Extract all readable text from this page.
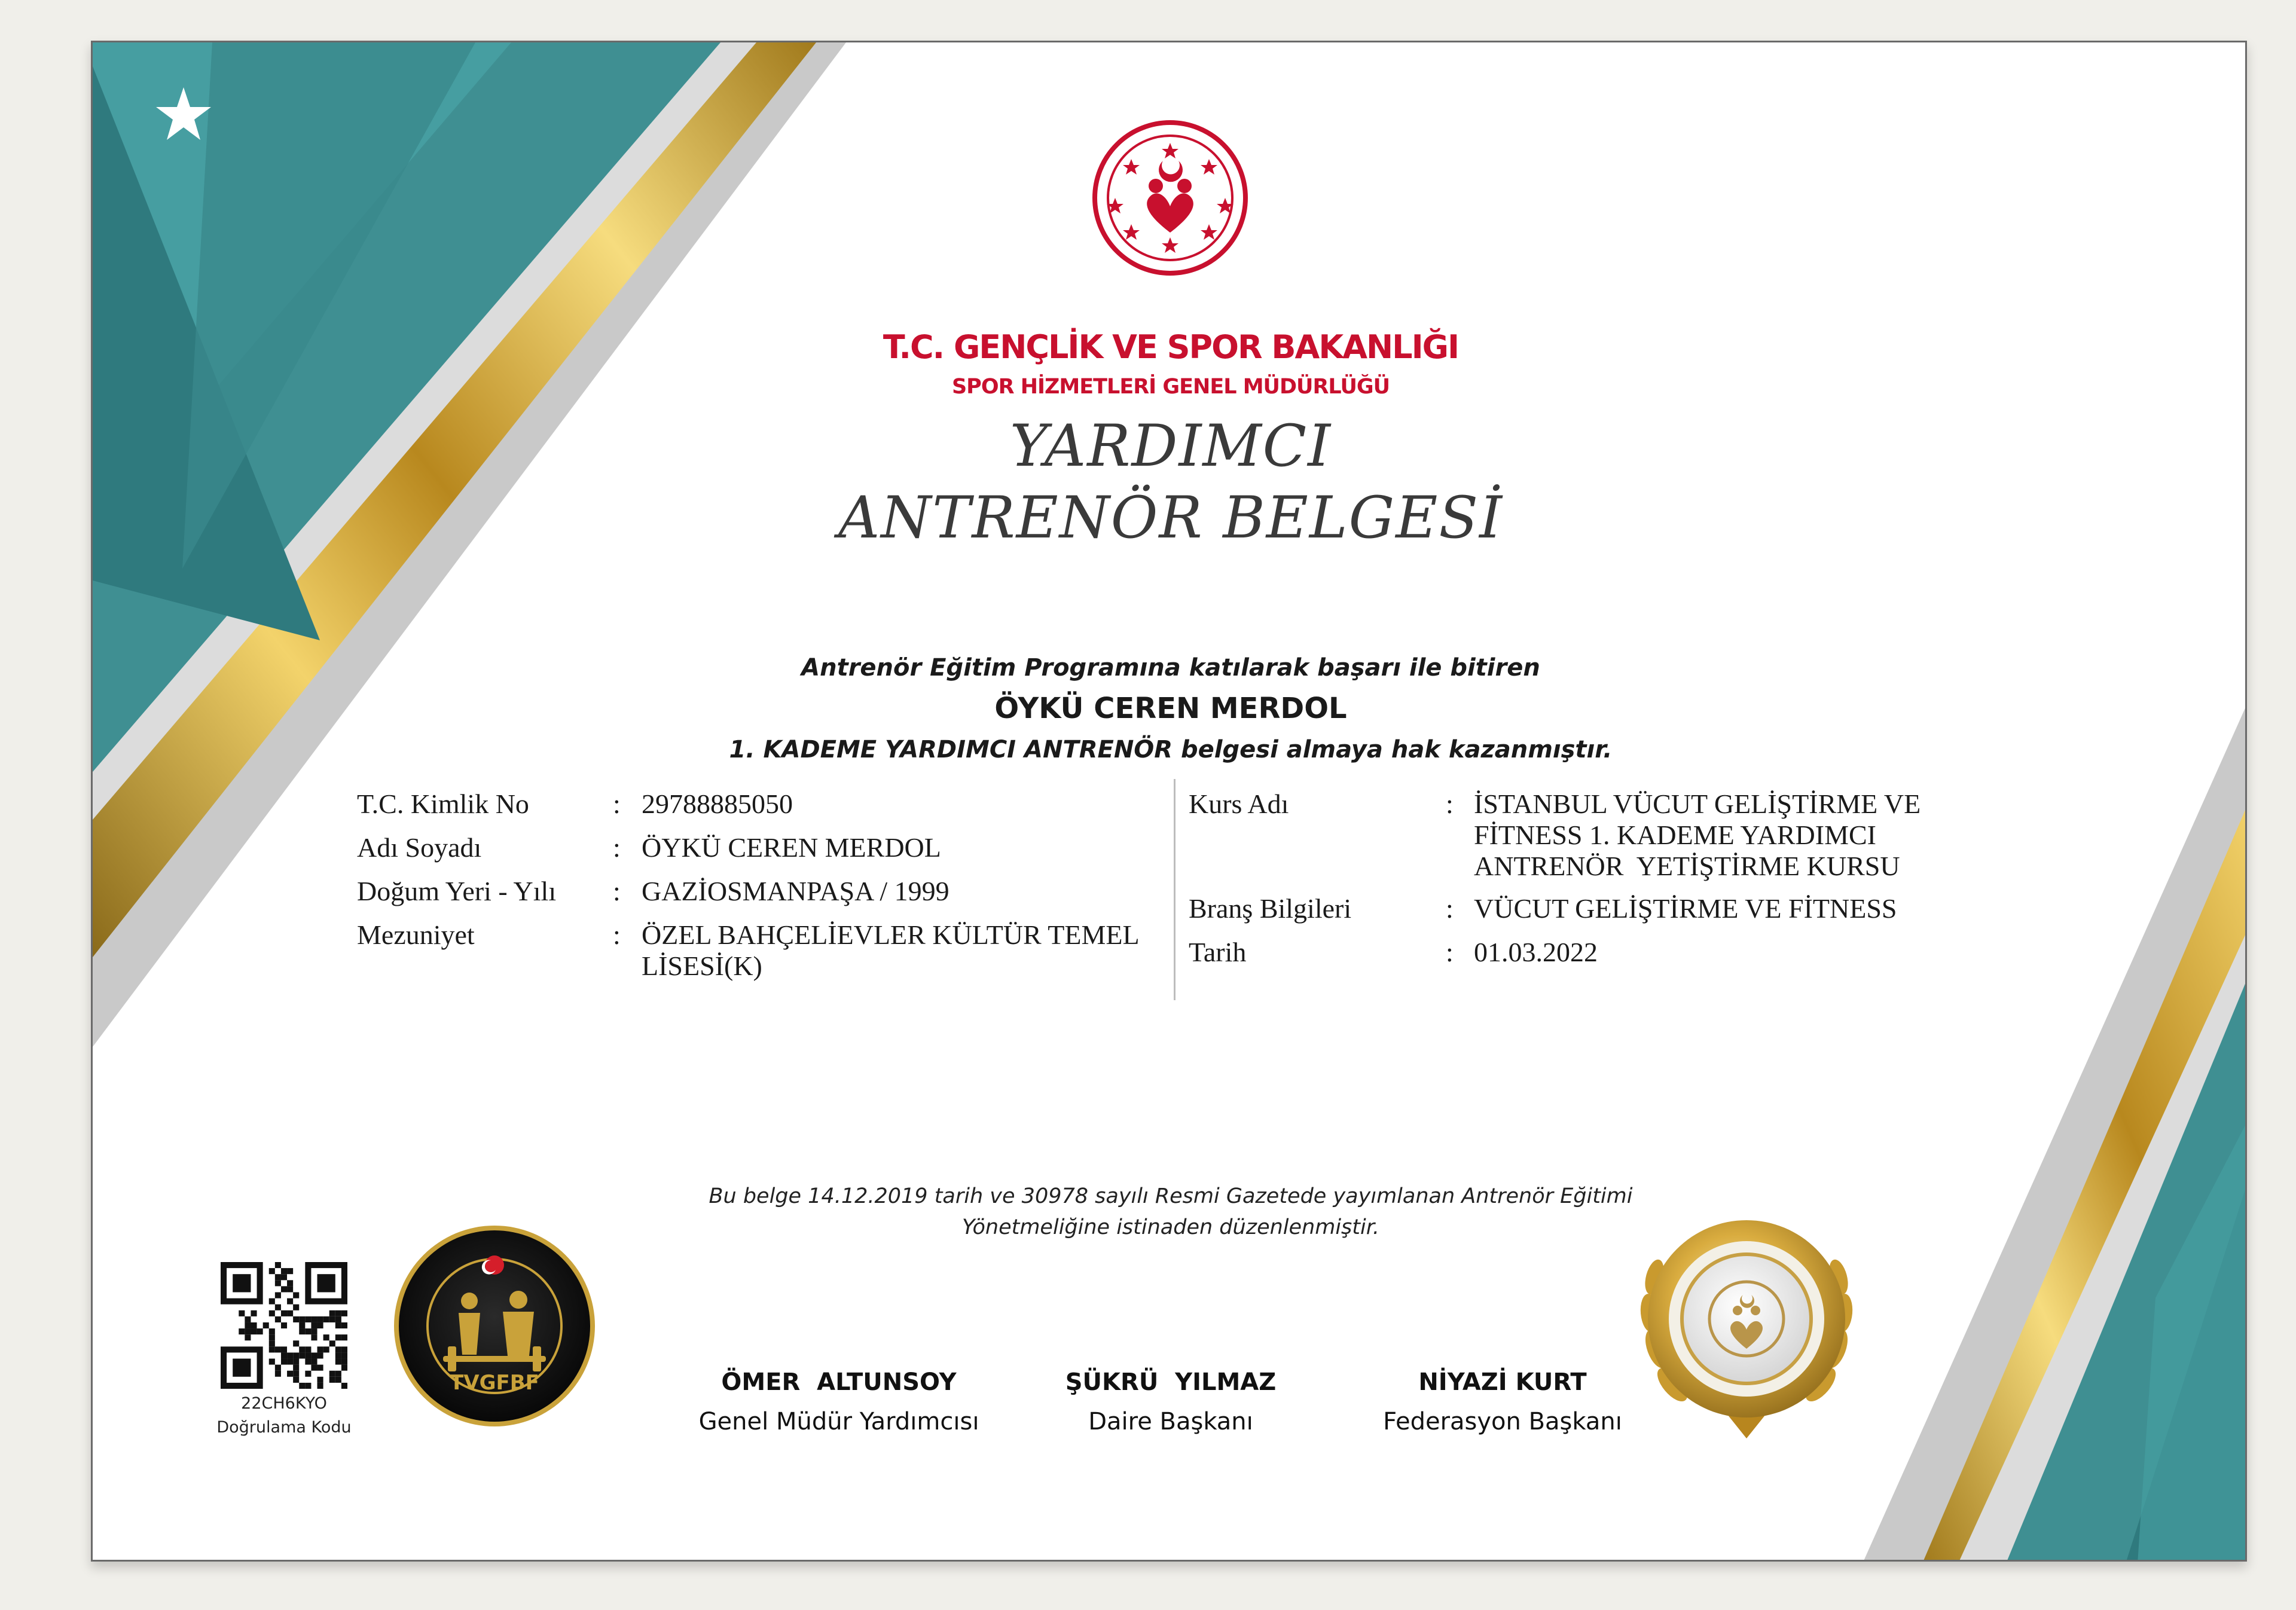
T.C. GENÇLİK VE SPOR BAKANLIĞI
SPOR HİZMETLERİ GENEL MÜDÜRLÜĞÜ
YARDIMCI
ANTRENÖR BELGESİ
Antrenör Eğitim Programına katılarak başarı ile bitiren
ÖYKÜ CEREN MERDOL
1. KADEME YARDIMCI ANTRENÖR belgesi almaya hak kazanmıştır.
T.C. Kimlik No	: 29788885050
Adı Soyadı	: ÖYKÜ CEREN MERDOL
Doğum Yeri - Yılı : GAZİOSMANPAŞA / 1999
Mezuniyet	: ÖZEL BAHÇELİEVLER KÜLTÜR TEMEL
LİSESİ(K)
Kurs Adı	: İSTANBUL VÜCUT GELİŞTİRME VE
FİTNESS 1. KADEME YARDIMCI
ANTRENÖR  YETİŞTİRME KURSU
Branş Bilgileri	: VÜCUT GELİŞTİRME VE FİTNESS
Tarih	: 01.03.2022
Bu belge 14.12.2019 tarih ve 30978 sayılı Resmi Gazetede yayımlanan Antrenör Eğitimi
Yönetmeliğine istinaden düzenlenmiştir.
22CH6KYO
Doğrulama Kodu
TVGFBF	ÖMER  ALTUNSOY
Genel Müdür Yardımcısı
ŞÜKRÜ  YILMAZ
Daire Başkanı
NİYAZİ KURT
Federasyon Başkanı
